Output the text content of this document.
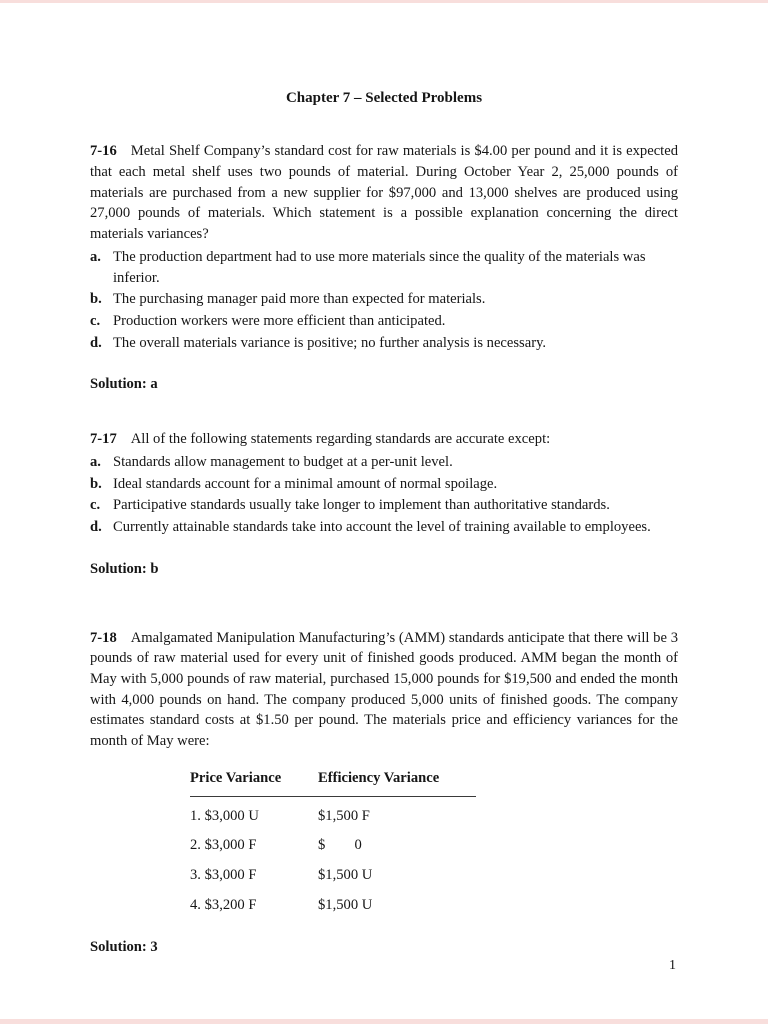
Chapter 7 – Selected Problems

7-16 Metal Shelf Company’s standard cost for raw materials is $4.00 per pound and it is expected that each metal shelf uses two pounds of material. During October Year 2, 25,000 pounds of materials are purchased from a new supplier for $97,000 and 13,000 shelves are produced using 27,000 pounds of materials. Which statement is a possible explanation concerning the direct materials variances?

a. The production department had to use more materials since the quality of the materials was inferior.
b. The purchasing manager paid more than expected for materials.
c. Production workers were more efficient than anticipated.
d. The overall materials variance is positive; no further analysis is necessary.

Solution: a

7-17 All of the following statements regarding standards are accurate except:

a. Standards allow management to budget at a per-unit level.
b. Ideal standards account for a minimal amount of normal spoilage.
c. Participative standards usually take longer to implement than authoritative standards.
d. Currently attainable standards take into account the level of training available to employees.

Solution: b

7-18 Amalgamated Manipulation Manufacturing’s (AMM) standards anticipate that there will be 3 pounds of raw material used for every unit of finished goods produced. AMM began the month of May with 5,000 pounds of raw material, purchased 15,000 pounds for $19,500 and ended the month with 4,000 pounds on hand. The company produced 5,000 units of finished goods. The company estimates standard costs at $1.50 per pound. The materials price and efficiency variances for the month of May were:

Price Variance	Efficiency Variance
1. $3,000 U	$1,500 F
2. $3,000 F	$        0
3. $3,000 F	$1,500 U
4. $3,200 F	$1,500 U

Solution: 3

1
